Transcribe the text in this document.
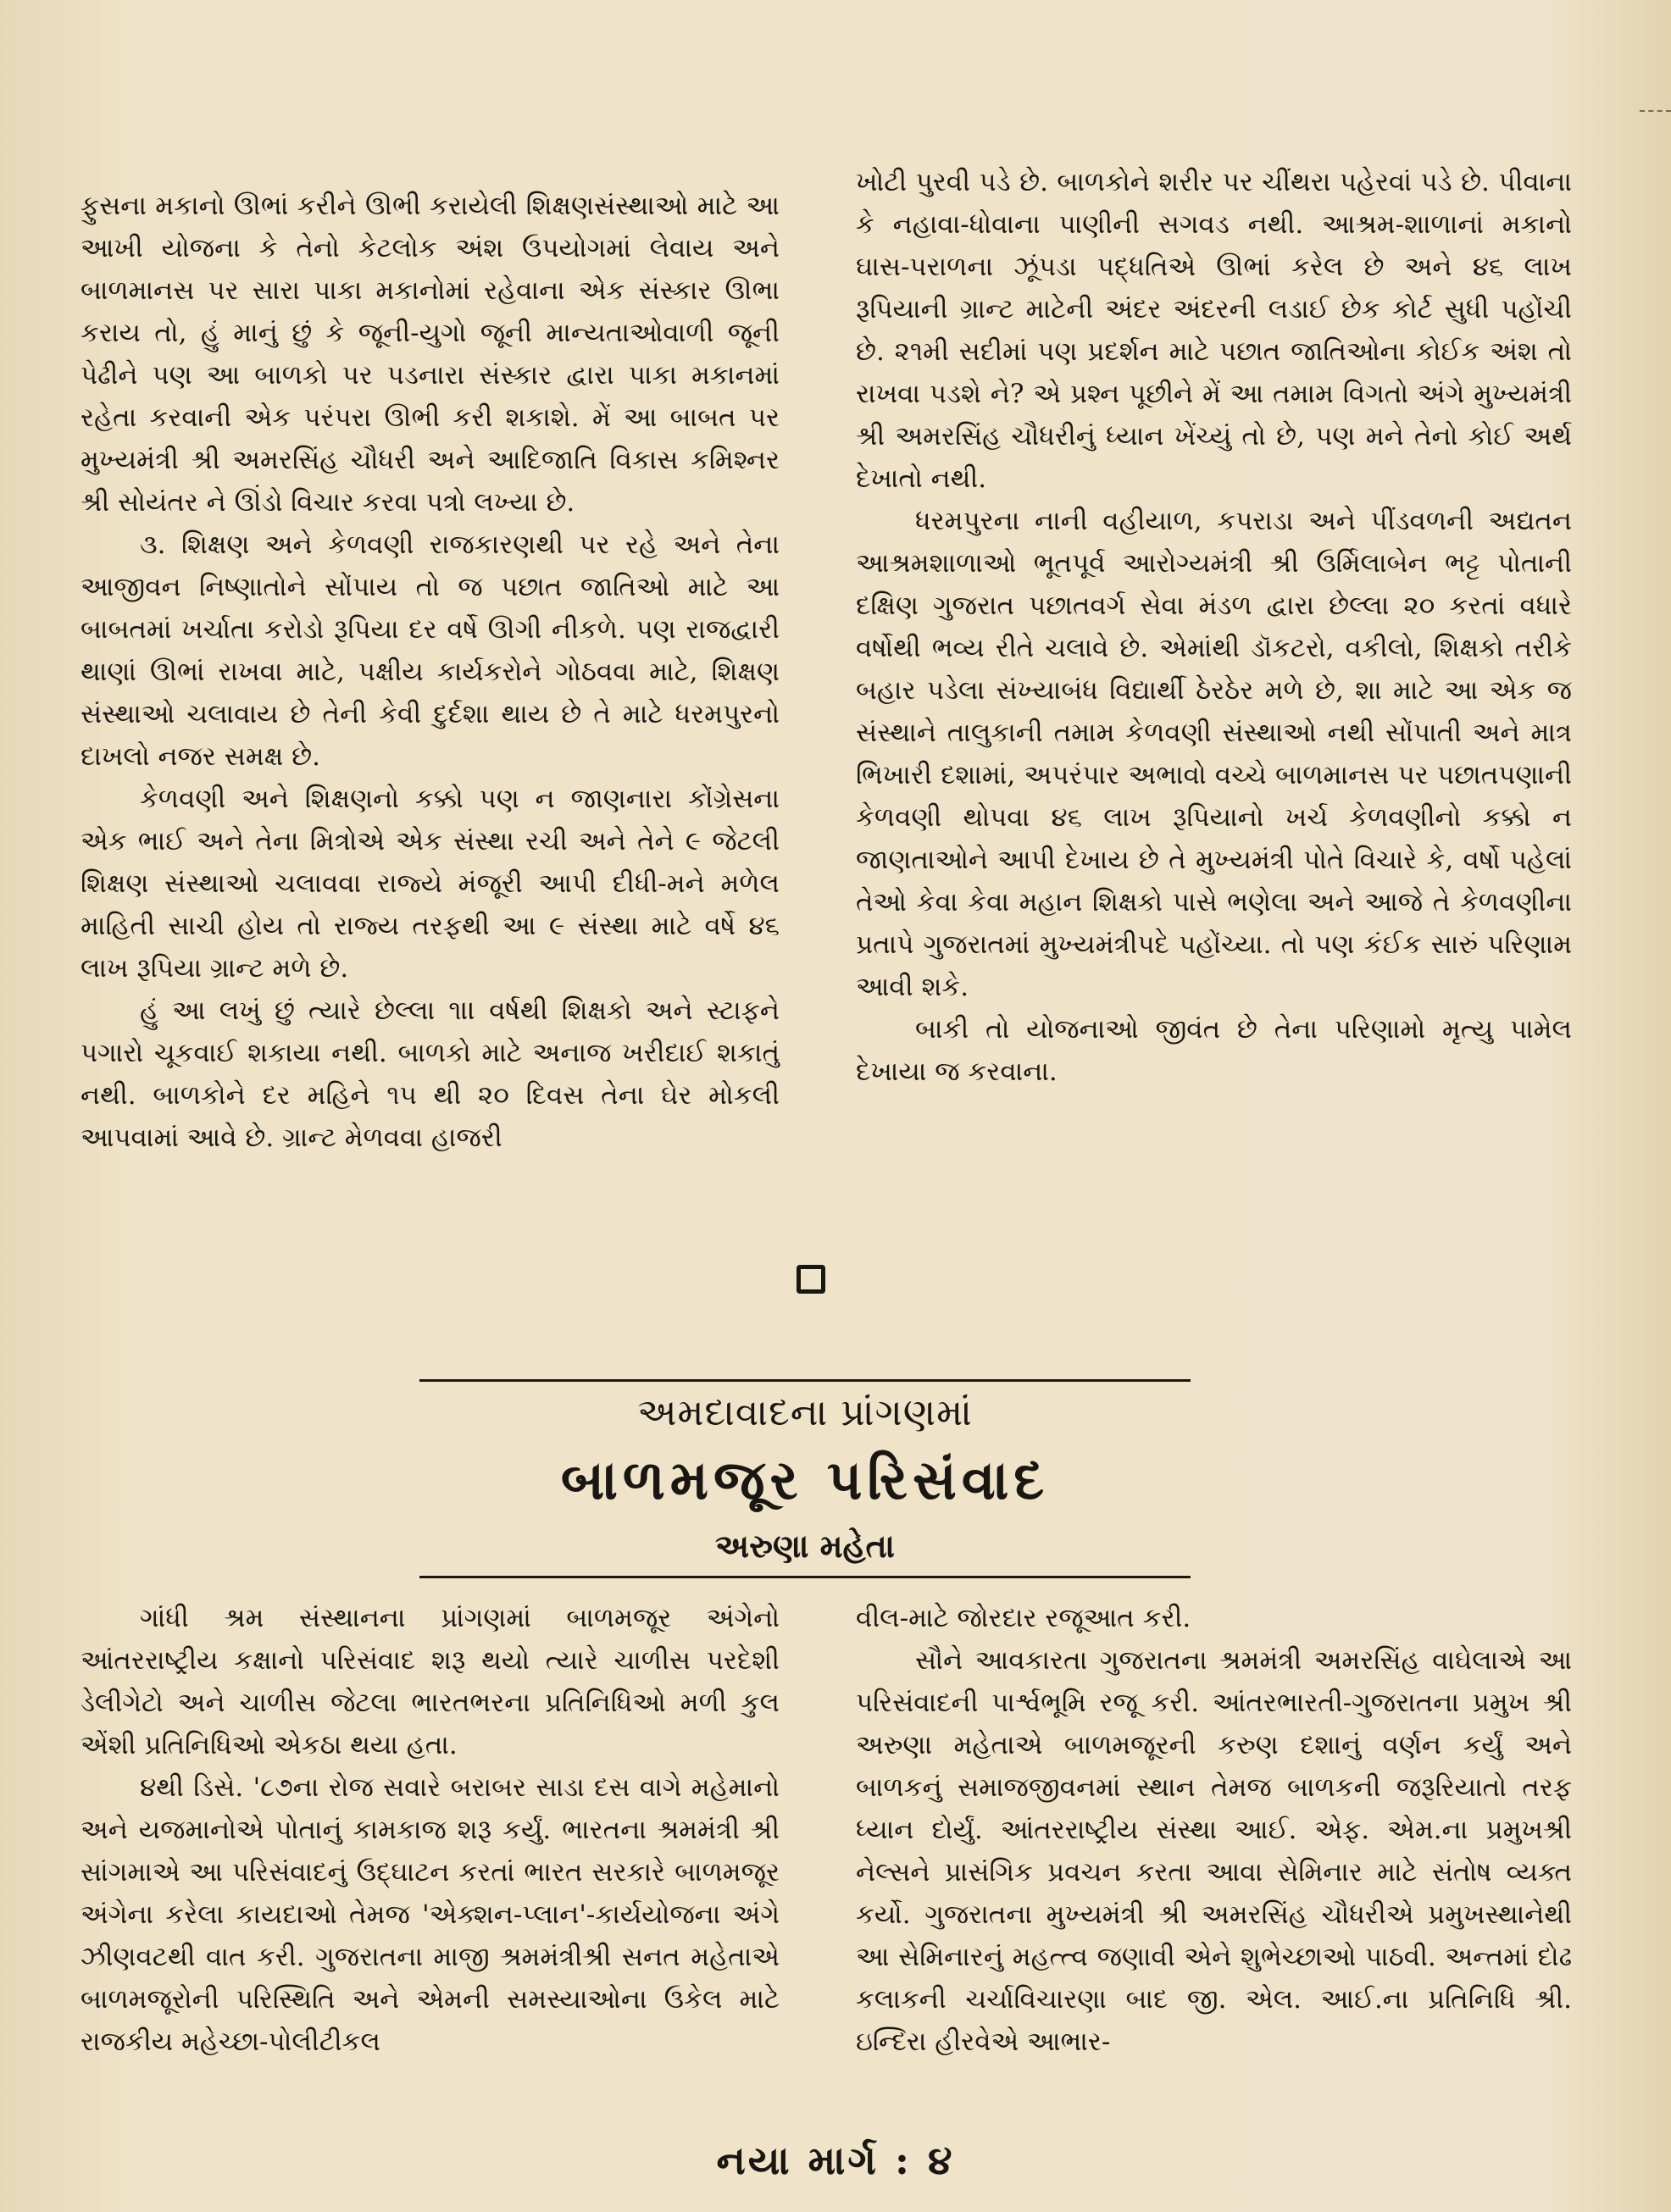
ફુસના મકાનો ઊભાં કરીને ઊભી કરાયેલી શિક્ષણસંસ્થાઓ માટે આ આખી યોજના કે તેનો કેટલોક અંશ ઉપયોગમાં લેવાય અને બાળમાનસ પર સારા પાકા મકાનોમાં રહેવાના એક સંસ્કાર ઊભા કરાય તો, હું માનું છું કે જૂની-યુગો જૂની માન્યતાઓવાળી જૂની પેઢીને પણ આ બાળકો પર પડનારા સંસ્કાર દ્વારા પાકા મકાનમાં રહેતા કરવાની એક પરંપરા ઊભી કરી શકાશે. મેં આ બાબત પર મુખ્યમંત્રી શ્રી અમરસિંહ ચૌધરી અને આદિજાતિ વિકાસ કમિશ્નર શ્રી સોયંતર ને ઊંડો વિચાર કરવા પત્રો લખ્યા છે.

૩. શિક્ષણ અને કેળવણી રાજકારણથી પર રહે અને તેના આજીવન નિષ્ણાતોને સોંપાય તો જ પછાત જાતિઓ માટે આ બાબતમાં ખર્ચાતા કરોડો રૂપિયા દર વર્ષે ઊગી નીકળે. પણ રાજદ્વારી થાણાં ઊભાં રાખવા માટે, પક્ષીય કાર્યકરોને ગોઠવવા માટે, શિક્ષણ સંસ્થાઓ ચલાવાય છે તેની કેવી દુર્દશા થાય છે તે માટે ધરમપુરનો દાખલો નજર સમક્ષ છે.

કેળવણી અને શિક્ષણનો કક્કો પણ ન જાણનારા કોંગ્રેસના એક ભાઈ અને તેના મિત્રોએ એક સંસ્થા રચી અને તેને ૯ જેટલી શિક્ષણ સંસ્થાઓ ચલાવવા રાજ્યે મંજૂરી આપી દીધી-મને મળેલ માહિતી સાચી હોય તો રાજ્ય તરફથી આ ૯ સંસ્થા માટે વર્ષે ૪૬ લાખ રૂપિયા ગ્રાન્ટ મળે છે.

હું આ લખું છું ત્યારે છેલ્લા ૧।। વર્ષથી શિક્ષકો અને સ્ટાફને પગારો ચૂકવાઈ શકાયા નથી. બાળકો માટે અનાજ ખરીદાઈ શકાતું નથી. બાળકોને દર મહિને ૧૫ થી ૨૦ દિવસ તેના ઘેર મોકલી આપવામાં આવે છે. ગ્રાન્ટ મેળવવા હાજરી

ખોટી પુરવી પડે છે. બાળકોને શરીર પર ચીંથરા પહેરવાં પડે છે. પીવાના કે નહાવા-ધોવાના પાણીની સગવડ નથી. આશ્રમ-શાળાનાં મકાનો ઘાસ-પરાળના ઝૂંપડા પદ્ધતિએ ઊભાં કરેલ છે અને ૪૬ લાખ રૂપિયાની ગ્રાન્ટ માટેની અંદર અંદરની લડાઈ છેક કોર્ટ સુધી પહોંચી છે. ૨૧મી સદીમાં પણ પ્રદર્શન માટે પછાત જાતિઓના કોઈક અંશ તો રાખવા પડશે ને? એ પ્રશ્ન પૂછીને મેં આ તમામ વિગતો અંગે મુખ્યમંત્રી શ્રી અમરસિંહ ચૌધરીનું ધ્યાન ખેંચ્યું તો છે, પણ મને તેનો કોઈ અર્થ દેખાતો નથી.

ધરમપુરના નાની વહીયાળ, કપરાડા અને પીંડવળની અદ્યતન આશ્રમશાળાઓ ભૂતપૂર્વ આરોગ્યમંત્રી શ્રી ઉર્મિલાબેન ભટ્ટ પોતાની દક્ષિણ ગુજરાત પછાતવર્ગ સેવા મંડળ દ્વારા છેલ્લા ૨૦ કરતાં વધારે વર્ષોથી ભવ્ય રીતે ચલાવે છે. એમાંથી ડૉકટરો, વકીલો, શિક્ષકો તરીકે બહાર પડેલા સંખ્યાબંધ વિદ્યાર્થી ઠેરઠેર મળે છે, શા માટે આ એક જ સંસ્થાને તાલુકાની તમામ કેળવણી સંસ્થાઓ નથી સોંપાતી અને માત્ર ભિખારી દશામાં, અપરંપાર અભાવો વચ્ચે બાળમાનસ પર પછાતપણાની કેળવણી થોપવા ૪૬ લાખ રૂપિયાનો ખર્ચ કેળવણીનો કક્કો ન જાણતાઓને આપી દેખાય છે તે મુખ્યમંત્રી પોતે વિચારે કે, વર્ષો પહેલાં તેઓ કેવા કેવા મહાન શિક્ષકો પાસે ભણેલા અને આજે તે કેળવણીના પ્રતાપે ગુજરાતમાં મુખ્યમંત્રીપદે પહોંચ્યા. તો પણ કંઈક સારું પરિણામ આવી શકે.

બાકી તો યોજનાઓ જીવંત છે તેના પરિણામો મૃત્યુ પામેલ દેખાયા જ કરવાના.

અમદાવાદના પ્રાંગણમાં
બાળમજૂર પરિસંવાદ
અરુણા મહેતા

ગાંધી શ્રમ સંસ્થાનના પ્રાંગણમાં બાળમજૂર અંગેનો આંતરરાષ્ટ્રીય કક્ષાનો પરિસંવાદ શરૂ થયો ત્યારે ચાળીસ પરદેશી ડેલીગેટો અને ચાળીસ જેટલા ભારતભરના પ્રતિનિધિઓ મળી કુલ એંશી પ્રતિનિધિઓ એકઠા થયા હતા.

૪થી ડિસે. '૮૭ના રોજ સવારે બરાબર સાડા દસ વાગે મહેમાનો અને યજમાનોએ પોતાનું કામકાજ શરૂ કર્યું. ભારતના શ્રમમંત્રી શ્રી સાંગમાએ આ પરિસંવાદનું ઉદ્ઘાટન કરતાં ભારત સરકારે બાળમજૂર અંગેના કરેલા કાયદાઓ તેમજ 'એક્શન-પ્લાન'-કાર્યયોજના અંગે ઝીણવટથી વાત કરી. ગુજરાતના માજી શ્રમમંત્રીશ્રી સનત મહેતાએ બાળમજૂરોની પરિસ્થિતિ અને એમની સમસ્યાઓના ઉકેલ માટે રાજકીય મહેચ્છા-પોલીટીકલ

વીલ-માટે જોરદાર રજૂઆત કરી.

સૌને આવકારતા ગુજરાતના શ્રમમંત્રી અમરસિંહ વાઘેલાએ આ પરિસંવાદની પાર્શ્વભૂમિ રજૂ કરી. આંતરભારતી-ગુજરાતના પ્રમુખ શ્રી અરુણા મહેતાએ બાળમજૂરની કરુણ દશાનું વર્ણન કર્યું અને બાળકનું સમાજજીવનમાં સ્થાન તેમજ બાળકની જરૂરિયાતો તરફ ધ્યાન દોર્યું. આંતરરાષ્ટ્રીય સંસ્થા આઈ. એફ. એમ.ના પ્રમુખશ્રી નેલ્સને પ્રાસંગિક પ્રવચન કરતા આવા સેમિનાર માટે સંતોષ વ્યક્ત કર્યો. ગુજરાતના મુખ્યમંત્રી શ્રી અમરસિંહ ચૌધરીએ પ્રમુખસ્થાનેથી આ સેમિનારનું મહત્ત્વ જણાવી એને શુભેચ્છાઓ પાઠવી. અન્તમાં દોઢ કલાકની ચર્ચાવિચારણા બાદ જી. એલ. આઈ.ના પ્રતિનિધિ શ્રી. ઇન્દિરા હીરવેએ આભાર-

નયા માર્ગ : ૪
